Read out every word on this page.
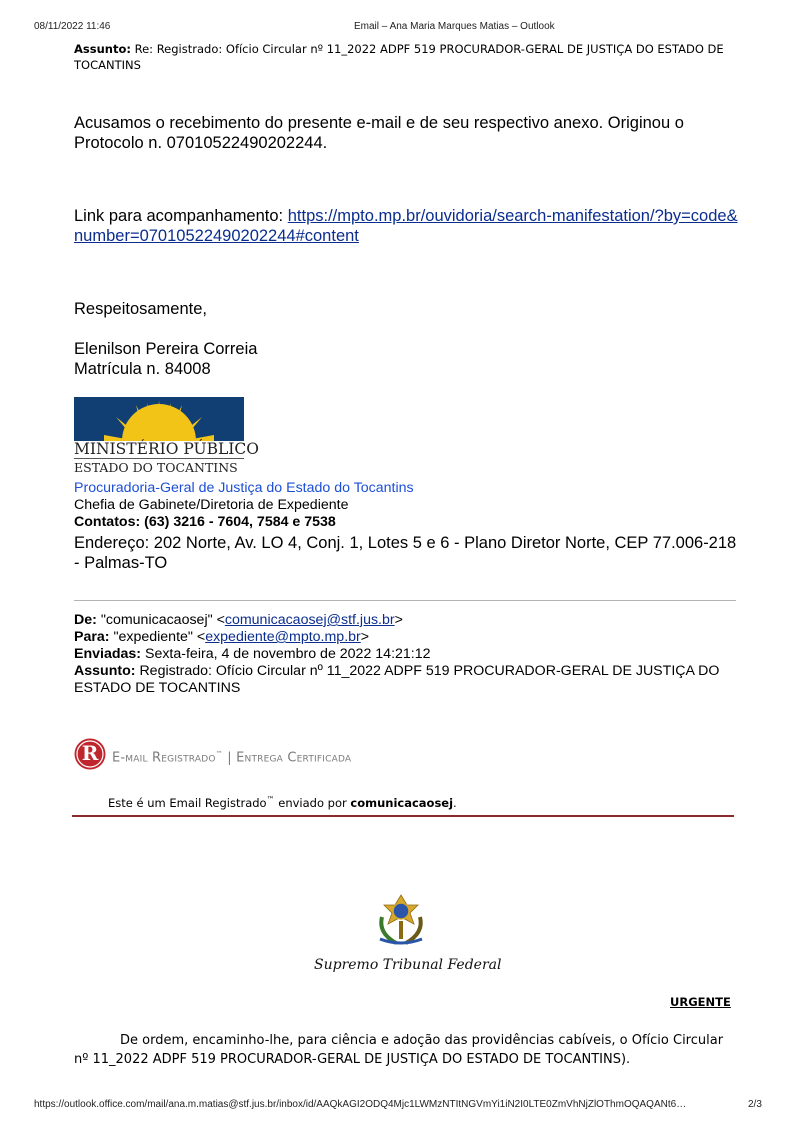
08/11/2022 11:46	Email – Ana Maria Marques Matias – Outlook
Assunto: Re: Registrado: Ofício Circular nº 11_2022 ADPF 519 PROCURADOR-GERAL DE JUSTIÇA DO ESTADO DE TOCANTINS
Acusamos o recebimento do presente e-mail e de seu respectivo anexo. Originou o Protocolo n. 07010522490202244.
Link para acompanhamento: https://mpto.mp.br/ouvidoria/search-manifestation/?by=code&number=07010522490202244#content
Respeitosamente,
Elenilson Pereira Correia
Matrícula n. 84008
MINISTÉRIO PÚBLICO
ESTADO DO TOCANTINS
Procuradoria-Geral de Justiça do Estado do Tocantins
Chefia de Gabinete/Diretoria de Expediente
Contatos: (63) 3216 - 7604, 7584 e 7538
Endereço: 202 Norte, Av. LO 4, Conj. 1, Lotes 5 e 6 - Plano Diretor Norte, CEP 77.006-218 - Palmas-TO
De: "comunicacaosej" <comunicacaosej@stf.jus.br>
Para: "expediente" <expediente@mpto.mp.br>
Enviadas: Sexta-feira, 4 de novembro de 2022 14:21:12
Assunto: Registrado: Ofício Circular nº 11_2022 ADPF 519 PROCURADOR-GERAL DE JUSTIÇA DO ESTADO DE TOCANTINS
R	E-mail Registrado™ | Entrega Certificada
Este é um Email Registrado™ enviado por comunicacaosej.
Supremo Tribunal Federal
URGENTE
De ordem, encaminho-lhe, para ciência e adoção das providências cabíveis, o Ofício Circular nº 11_2022 ADPF 519 PROCURADOR-GERAL DE JUSTIÇA DO ESTADO DE TOCANTINS).
https://outlook.office.com/mail/ana.m.matias@stf.jus.br/inbox/id/AAQkAGI2ODQ4Mjc1LWMzNTItNGVmYi1iN2I0LTE0ZmVhNjZlOThmOQAQANt6…	2/3
